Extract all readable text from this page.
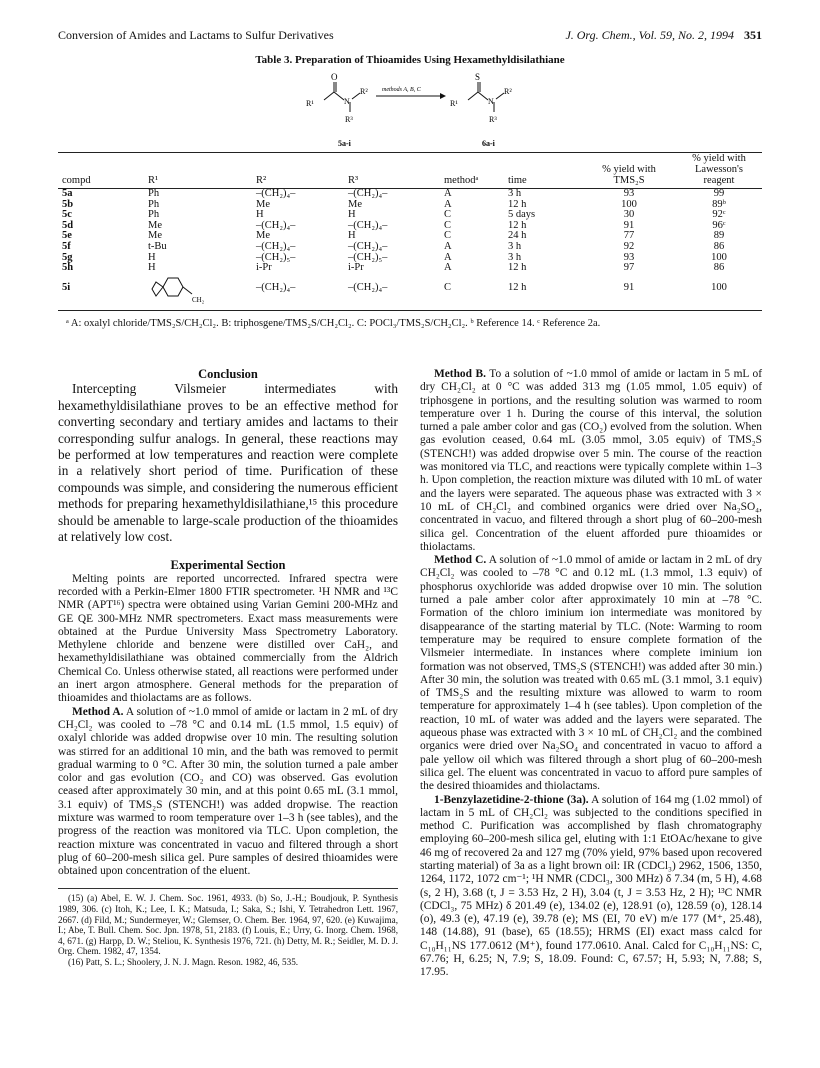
Conversion of Amides and Lactams to Sulfur Derivatives	J. Org. Chem., Vol. 59, No. 2, 1994 351
Table 3. Preparation of Thioamides Using Hexamethyldisilathiane
O
R¹	N
R²
R³
5a-i
methods A, B, C
S
R¹	N
R²
R³
6a-i
compd	R¹	R²	R³	methodᵃ	time	% yield with TMS₂S	% yield with Lawesson's reagent
5a	Ph	–(CH₂)₄–	–(CH₂)₄–	A	3 h	93	99
5b	Ph	Me	Me	A	12 h	100	89ᵇ
5c	Ph	H	H	C	5 days	30	92ᶜ
5d	Me	–(CH₂)₄–	–(CH₂)₄–	C	12 h	91	96ᶜ
5e	Me	Me	H	C	24 h	77	89
5f	t-Bu	–(CH₂)₄–	–(CH₂)₄–	A	3 h	92	86
5g	H	–(CH₂)₅–	–(CH₂)₅–	A	3 h	93	100
5h	H	i-Pr	i-Pr	A	12 h	97	86
5i	CH₂	–(CH₂)₄–	–(CH₂)₄–	C	12 h	91	100
ᵃ A: oxalyl chloride/TMS₂S/CH₂Cl₂. B: triphosgene/TMS₂S/CH₂Cl₂. C: POCl₃/TMS₂S/CH₂Cl₂. ᵇ Reference 14. ᶜ Reference 2a.

Conclusion

Intercepting Vilsmeier intermediates with hexamethyldisilathiane proves to be an effective method for converting secondary and tertiary amides and lactams to their corresponding sulfur analogs. In general, these reactions may be performed at low temperatures and reaction were complete in a relatively short period of time. Purification of these compounds was simple, and considering the numerous efficient methods for preparing hexamethyldisilathiane,¹⁵ this procedure should be amenable to large-scale production of the thioamides at relatively low cost.

Experimental Section

Melting points are reported uncorrected. Infrared spectra were recorded with a Perkin-Elmer 1800 FTIR spectrometer. ¹H NMR and ¹³C NMR (APT¹⁶) spectra were obtained using Varian Gemini 200-MHz and GE QE 300-MHz NMR spectrometers. Exact mass measurements were obtained at the Purdue University Mass Spectrometry Laboratory. Methylene chloride and benzene were distilled over CaH₂, and hexamethyldisilathiane was obtained commercially from the Aldrich Chemical Co. Unless otherwise stated, all reactions were performed under an inert argon atmosphere. General methods for the preparation of thioamides and thiolactams are as follows.

Method A. A solution of ~1.0 mmol of amide or lactam in 2 mL of dry CH₂Cl₂ was cooled to –78 °C and 0.14 mL (1.5 mmol, 1.5 equiv) of oxalyl chloride was added dropwise over 10 min. The resulting solution was stirred for an additional 10 min, and the bath was removed to permit gradual warming to 0 °C. After 30 min, the solution turned a pale amber color and gas evolution (CO₂ and CO) was observed. Gas evolution ceased after approximately 30 min, and at this point 0.65 mL (3.1 mmol, 3.1 equiv) of TMS₂S (STENCH!) was added dropwise. The reaction mixture was warmed to room temperature over 1–3 h (see tables), and the progress of the reaction was monitored via TLC. Upon completion, the reaction mixture was concentrated in vacuo and filtered through a short plug of 60–200-mesh silica gel. Pure samples of desired thioamides were obtained upon concentration of the eluent.

(15) (a) Abel, E. W. J. Chem. Soc. 1961, 4933. (b) So, J.-H.; Boudjouk, P. Synthesis 1989, 306. (c) Itoh, K.; Lee, I. K.; Matsuda, I.; Saka, S.; Ishi, Y. Tetrahedron Lett. 1967, 2667. (d) Fild, M.; Sundermeyer, W.; Glemser, O. Chem. Ber. 1964, 97, 620. (e) Kuwajima, I.; Abe, T. Bull. Chem. Soc. Jpn. 1978, 51, 2183. (f) Louis, E.; Urry, G. Inorg. Chem. 1968, 4, 671. (g) Harpp, D. W.; Steliou, K. Synthesis 1976, 721. (h) Detty, M. R.; Seidler, M. D. J. Org. Chem. 1982, 47, 1354.

(16) Patt, S. L.; Shoolery, J. N. J. Magn. Reson. 1982, 46, 535.

Method B. To a solution of ~1.0 mmol of amide or lactam in 5 mL of dry CH₂Cl₂ at 0 °C was added 313 mg (1.05 mmol, 1.05 equiv) of triphosgene in portions, and the resulting solution was warmed to room temperature over 1 h. During the course of this interval, the solution turned a pale amber color and gas (CO₂) evolved from the solution. When gas evolution ceased, 0.64 mL (3.05 mmol, 3.05 equiv) of TMS₂S (STENCH!) was added dropwise over 5 min. The course of the reaction was monitored via TLC, and reactions were typically complete within 1–3 h. Upon completion, the reaction mixture was diluted with 10 mL of water and the layers were separated. The aqueous phase was extracted with 3 × 10 mL of CH₂Cl₂ and combined organics were dried over Na₂SO₄, concentrated in vacuo, and filtered through a short plug of 60–200-mesh silica gel. Concentration of the eluent afforded pure thioamides or thiolactams.

Method C. A solution of ~1.0 mmol of amide or lactam in 2 mL of dry CH₂Cl₂ was cooled to –78 °C and 0.12 mL (1.3 mmol, 1.3 equiv) of phosphorus oxychloride was added dropwise over 10 min. The solution turned a pale amber color after approximately 10 min at –78 °C. Formation of the chloro iminium ion intermediate was monitored by disappearance of the starting material by TLC. (Note: Warming to room temperature may be required to ensure complete formation of the Vilsmeier intermediate. In instances where complete iminium ion formation was not observed, TMS₂S (STENCH!) was added after 30 min.) After 30 min, the solution was treated with 0.65 mL (3.1 mmol, 3.1 equiv) of TMS₂S and the resulting mixture was allowed to warm to room temperature for approximately 1–4 h (see tables). Upon completion of the reaction, 10 mL of water was added and the layers were separated. The aqueous phase was extracted with 3 × 10 mL of CH₂Cl₂ and the combined organics were dried over Na₂SO₄ and concentrated in vacuo to afford a pale yellow oil which was filtered through a short plug of 60–200-mesh silica gel. The eluent was concentrated in vacuo to afford pure samples of the desired thioamides and thiolactams.

1-Benzylazetidine-2-thione (3a). A solution of 164 mg (1.02 mmol) of lactam in 5 mL of CH₂Cl₂ was subjected to the conditions specified in method C. Purification was accomplished by flash chromatography employing 60–200-mesh silica gel, eluting with 1:1 EtOAc/hexane to give 46 mg of recovered 2a and 127 mg (70% yield, 97% based upon recovered starting material) of 3a as a light brown oil: IR (CDCl₃) 2962, 1506, 1350, 1264, 1172, 1072 cm⁻¹; ¹H NMR (CDCl₃, 300 MHz) δ 7.34 (m, 5 H), 4.68 (s, 2 H), 3.68 (t, J = 3.53 Hz, 2 H), 3.04 (t, J = 3.53 Hz, 2 H); ¹³C NMR (CDCl₃, 75 MHz) δ 201.49 (e), 134.02 (e), 128.91 (o), 128.59 (o), 128.14 (o), 49.3 (e), 47.19 (e), 39.78 (e); MS (EI, 70 eV) m/e 177 (M⁺, 25.48), 148 (14.88), 91 (base), 65 (18.55); HRMS (EI) exact mass calcd for C₁₀H₁₁NS 177.0612 (M⁺), found 177.0610. Anal. Calcd for C₁₀H₁₁NS: C, 67.76; H, 6.25; N, 7.9; S, 18.09. Found: C, 67.57; H, 5.93; N, 7.88; S, 17.95.
